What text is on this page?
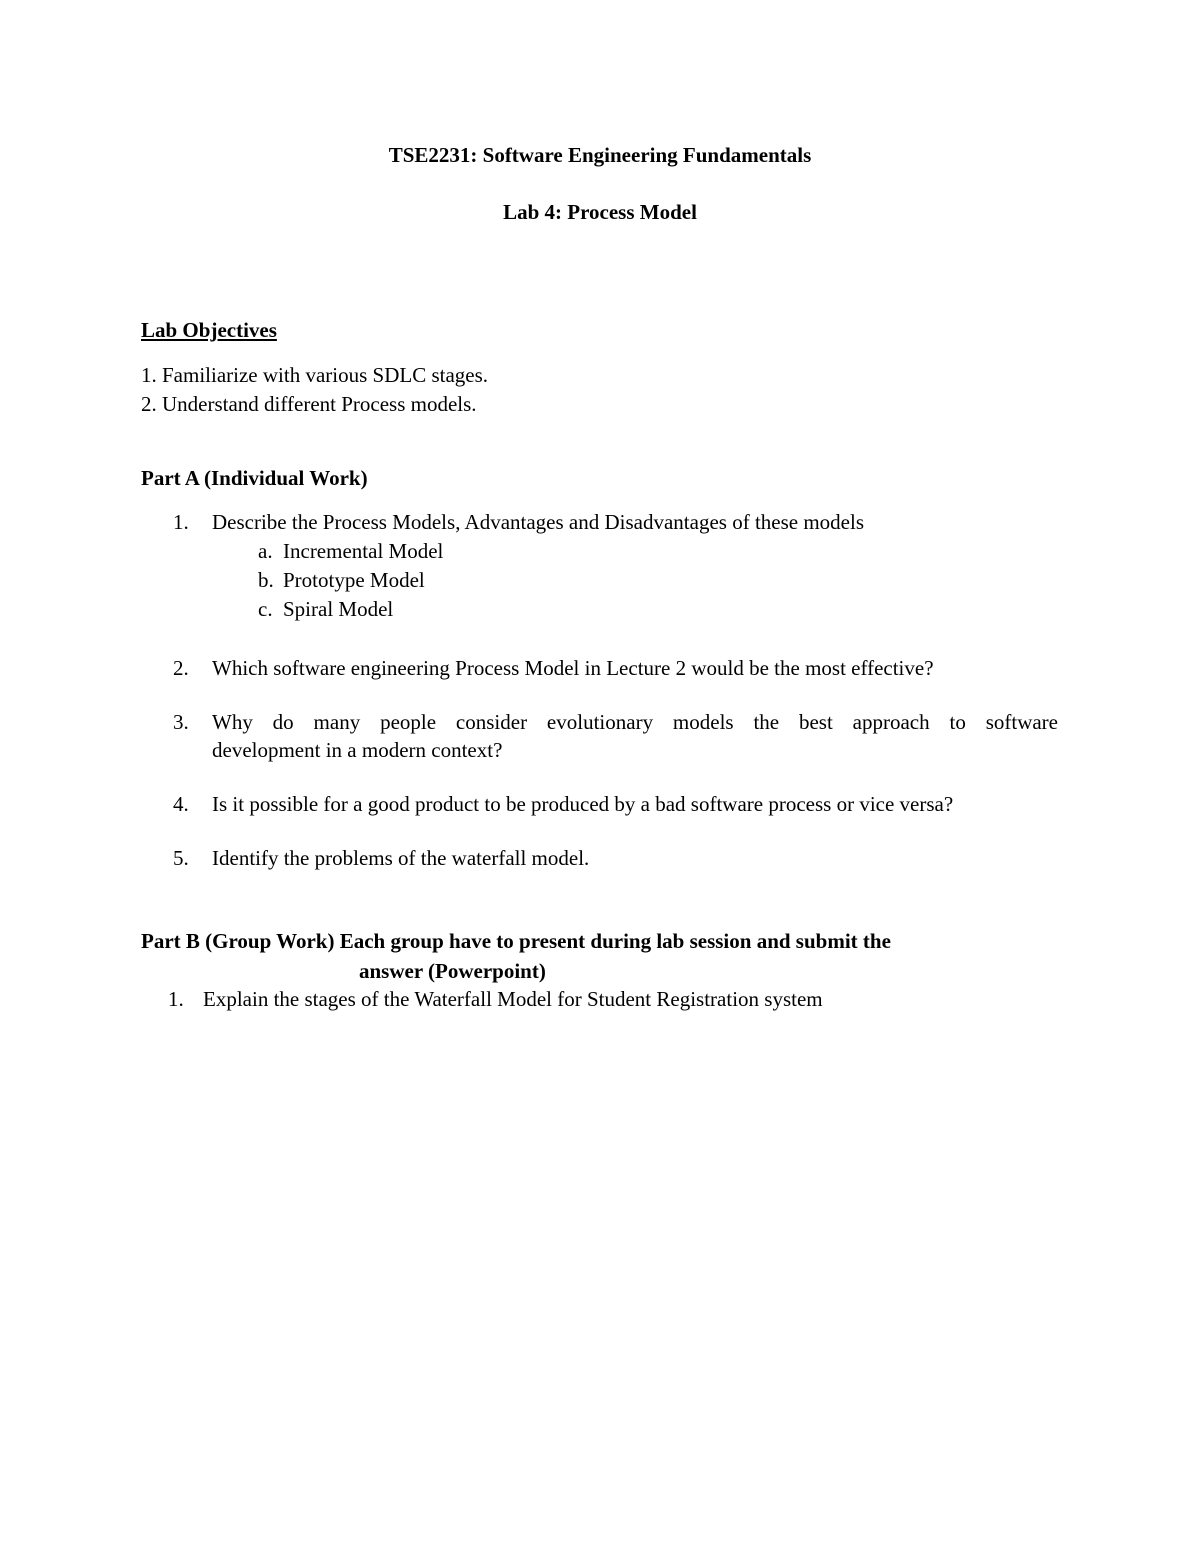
TSE2231: Software Engineering Fundamentals
Lab 4: Process Model
Lab Objectives
1. Familiarize with various SDLC stages.
2. Understand different Process models.
Part A (Individual Work)
1. Describe the Process Models, Advantages and Disadvantages of these models
a. Incremental Model
b. Prototype Model
c. Spiral Model
2. Which software engineering Process Model in Lecture 2 would be the most effective?
3. Why do many people consider evolutionary models the best approach to software
development in a modern context?
4. Is it possible for a good product to be produced by a bad software process or vice versa?
5. Identify the problems of the waterfall model.
Part B (Group Work) Each group have to present during lab session and submit the
answer (Powerpoint)
1. Explain the stages of the Waterfall Model for Student Registration system
